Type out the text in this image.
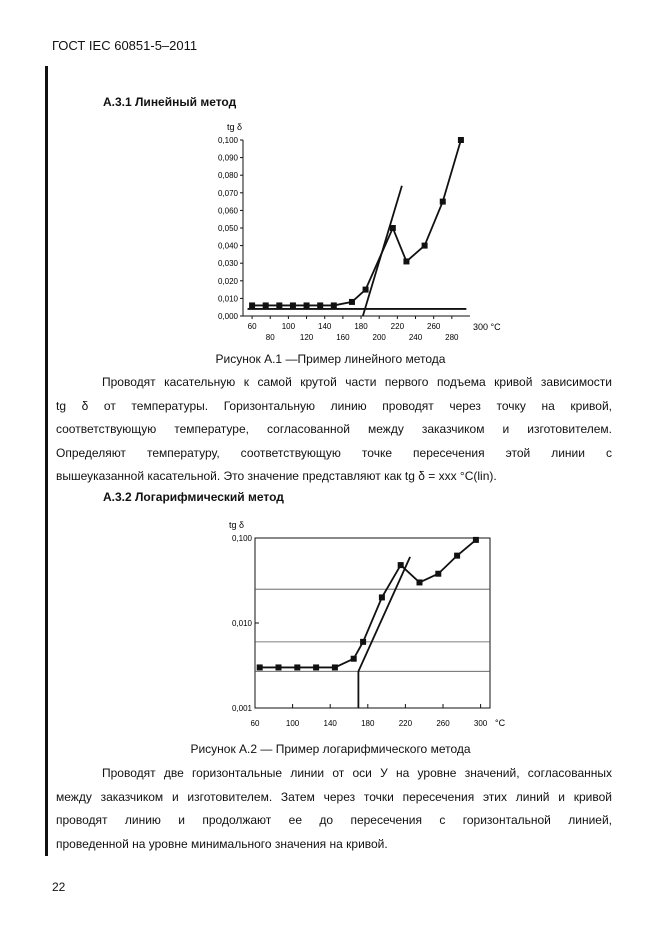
ГОСТ IEC 60851-5–2011
А.3.1 Линейный метод
tg δ
0,000
0,010
0,020
0,030
0,040
0,050
0,060
0,070
0,080
0,090
0,100
60	100	140	180	220	260
80	120	160	200	240	280
300 °С
Рисунок А.1 —Пример линейного метода
Проводят касательную к самой крутой части первого подъема кривой зависимости
tg δ от температуры. Горизонтальную линию проводят через точку на кривой,
соответствующую температуре, согласованной между заказчиком и изготовителем.
Определяют температуру, соответствующую точке пересечения этой линии с
вышеуказанной касательной. Это значение представляют как tg δ = xxx °С(lin).
А.3.2 Логарифмический метод
tg δ
0,100
0,010
0,001
60	100	140	180	220	260	300 °С
Рисунок А.2 — Пример логарифмического метода
Проводят две горизонтальные линии от оси У на уровне значений, согласованных
между заказчиком и изготовителем. Затем через точки пересечения этих линий и кривой
проводят линию и продолжают ее до пересечения с горизонтальной линией,
проведенной на уровне минимального значения на кривой.
22
